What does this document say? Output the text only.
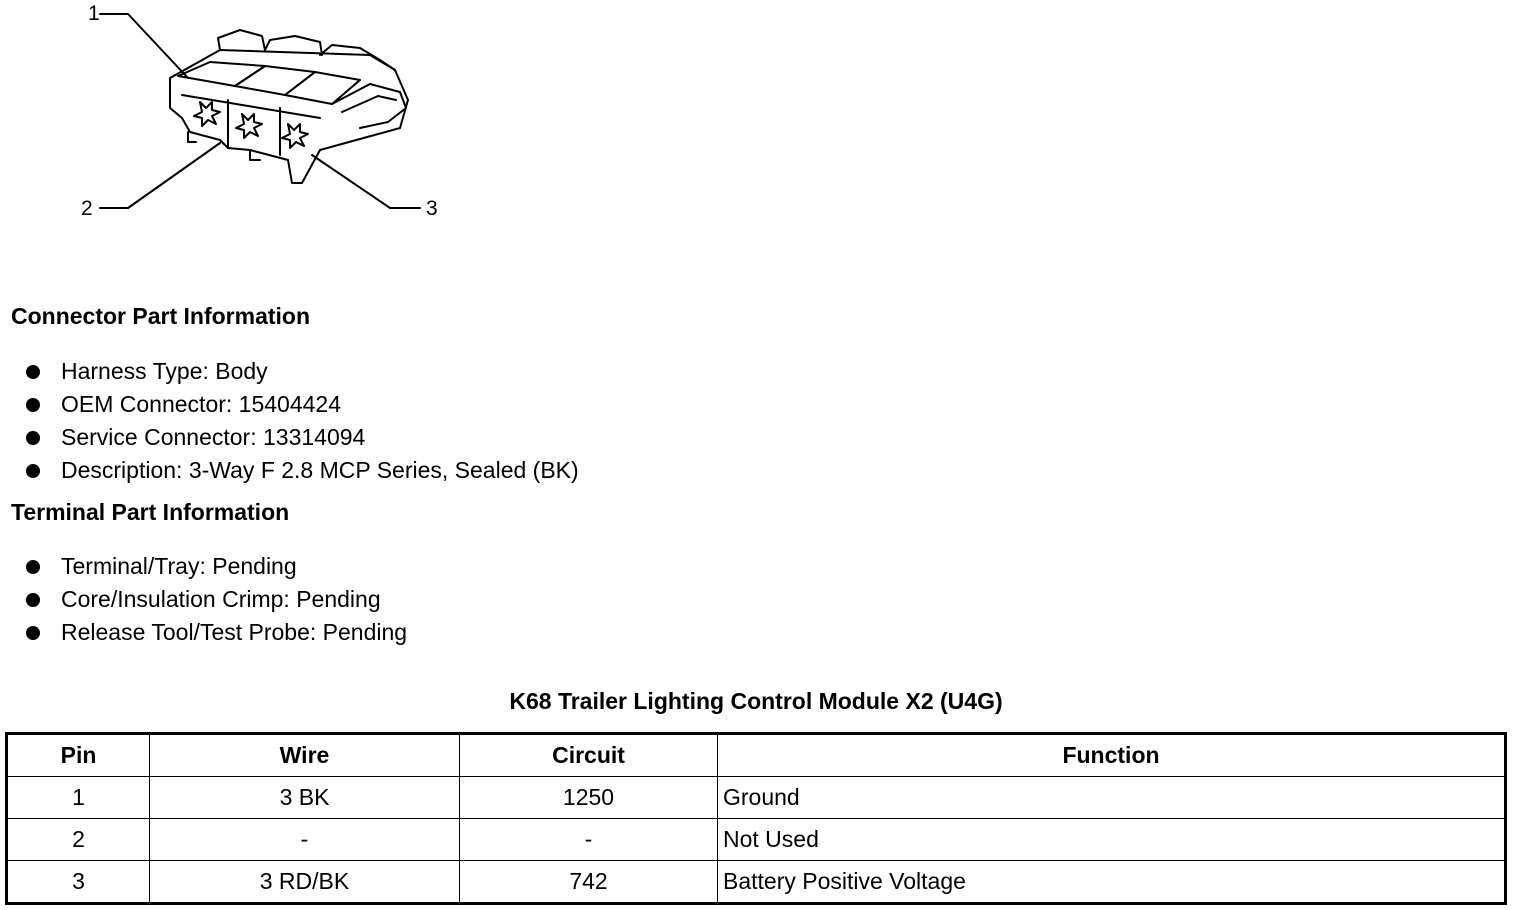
1
2	3
Connector Part Information
Harness Type: Body
OEM Connector: 15404424
Service Connector: 13314094
Description: 3-Way F 2.8 MCP Series, Sealed (BK)
Terminal Part Information
Terminal/Tray: Pending
Core/Insulation Crimp: Pending
Release Tool/Test Probe: Pending
K68 Trailer Lighting Control Module X2 (U4G)
Pin	Wire	Circuit	Function
1	3 BK	1250	Ground
2	-	-	Not Used
3	3 RD/BK	742	Battery Positive Voltage
